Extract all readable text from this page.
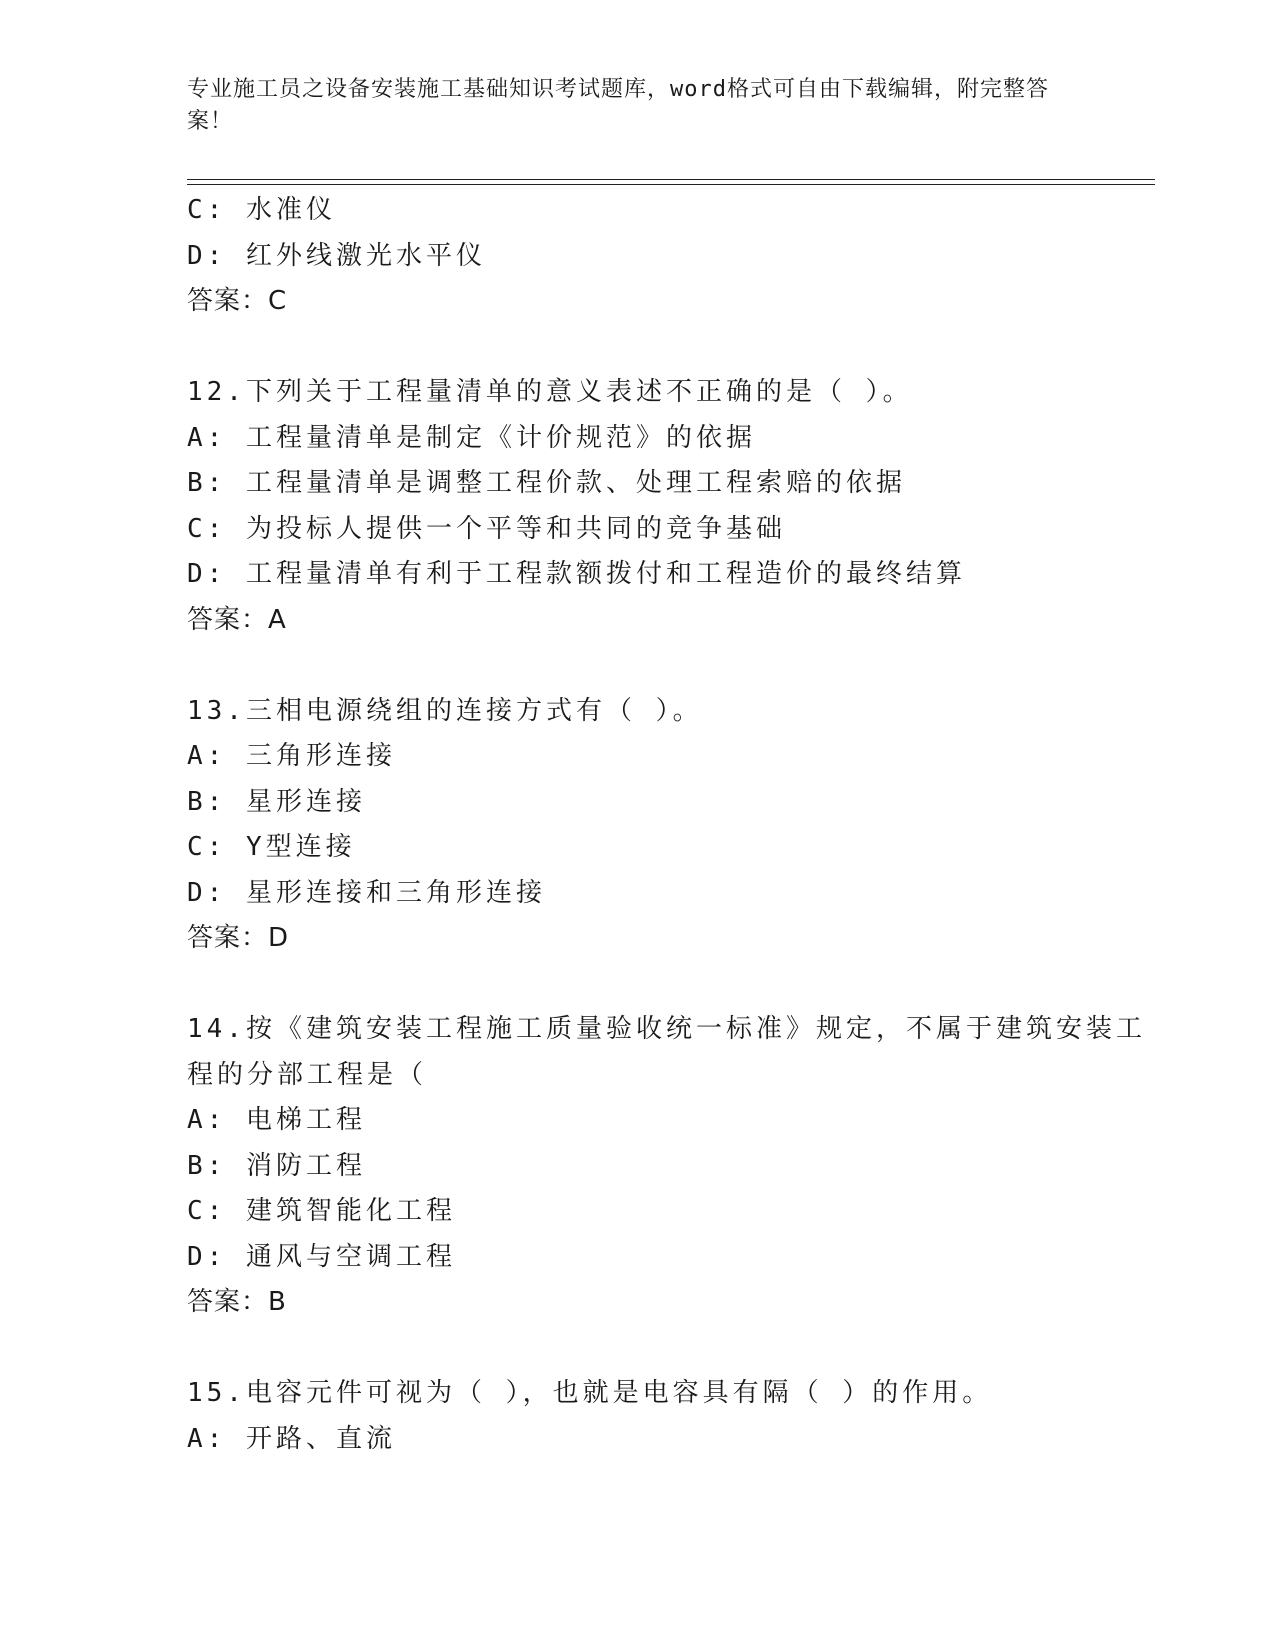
专业施工员之设备安装施工基础知识考试题库，word格式可自由下载编辑，附完整答案！
C: 水准仪
D: 红外线激光水平仪
答案：C
12.下列关于工程量清单的意义表述不正确的是（ ）。
A: 工程量清单是制定《计价规范》的依据
B: 工程量清单是调整工程价款、处理工程索赔的依据
C: 为投标人提供一个平等和共同的竞争基础
D: 工程量清单有利于工程款额拨付和工程造价的最终结算
答案：A
13.三相电源绕组的连接方式有（ ）。
A: 三角形连接
B: 星形连接
C: Y型连接
D: 星形连接和三角形连接
答案：D
14.按《建筑安装工程施工质量验收统一标准》规定，不属于建筑安装工程的分部工程是（
A: 电梯工程
B: 消防工程
C: 建筑智能化工程
D: 通风与空调工程
答案：B
15.电容元件可视为（ ），也就是电容具有隔（ ）的作用。
A: 开路、直流
